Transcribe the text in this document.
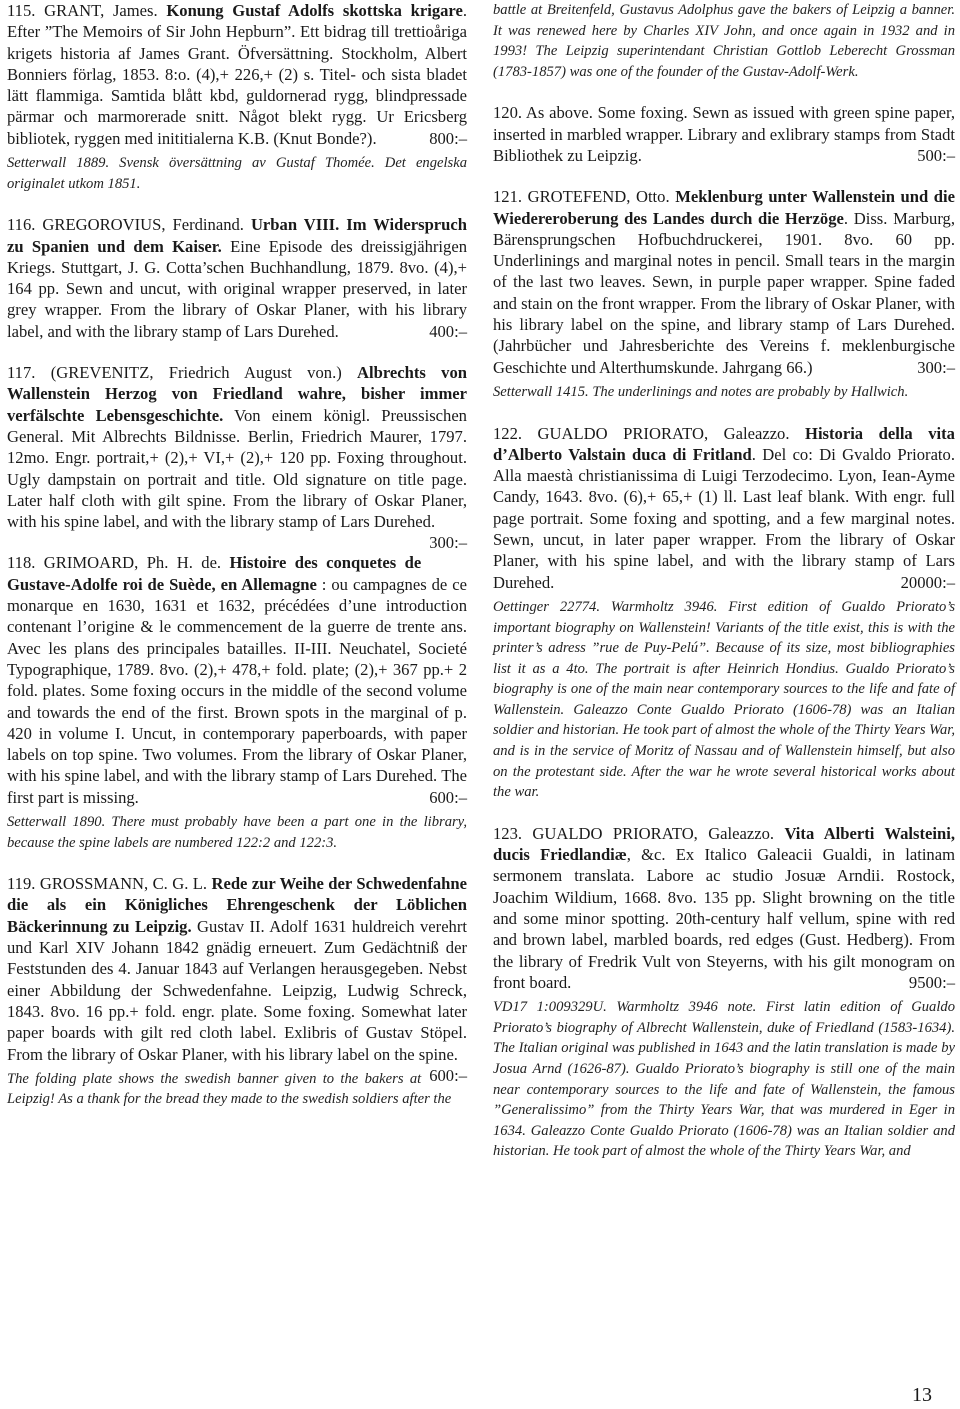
115. GRANT, James. Konung Gustaf Adolfs skottska krigare. Efter ”The Memoirs of Sir John Hepburn”. Ett bidrag till trettioåriga krigets historia af James Grant. Öfversättning. Stockholm, Albert Bonniers förlag, 1853. 8:o. (4),+ 226,+ (2) s. Titel- och sista bladet lätt flammiga. Samtida blått kbd, guldornerad rygg, blindpressade pärmar och marmorerade snitt. Något blekt rygg. Ur Ericsberg bibliotek, ryggen med inititialerna K.B. (Knut Bonde?).	800:–

Setterwall 1889. Svensk översättning av Gustaf Thomée. Det engelska originalet utkom 1851.

116. GREGOROVIUS, Ferdinand. Urban VIII. Im Widerspruch zu Spanien und dem Kaiser. Eine Episode des dreissigjährigen Kriegs. Stuttgart, J. G. Cotta’schen Buchhandlung, 1879. 8vo. (4),+ 164 pp. Sewn and uncut, with original wrapper preserved, in later grey wrapper. From the library of Oskar Planer, with his library label, and with the library stamp of Lars Durehed.	400:–

117. (GREVENITZ, Friedrich August von.) Albrechts von Wallenstein Herzog von Friedland wahre, bisher immer verfälschte Lebensgeschichte. Von einem königl. Preussischen General. Mit Albrechts Bildnisse. Berlin, Friedrich Maurer, 1797. 12mo. Engr. portrait,+ (2),+ VI,+ (2),+ 120 pp. Foxing throughout. Ugly dampstain on portrait and title. Old signature on title page. Later half cloth with gilt spine. From the library of Oskar Planer, with his spine label, and with the library stamp of Lars Durehed.
300:–

118. GRIMOARD, Ph. H. de. Histoire des conquetes de Gustave-Adolfe roi de Suède, en Allemagne : ou campagnes de ce monarque en 1630, 1631 et 1632, précédées d’une introduction contenant l’origine & le commencement de la guerre de trente ans. Avec les plans des principales batailles. II-III. Neuchatel, Societé Typographique, 1789. 8vo. (2),+ 478,+ fold. plate; (2),+ 367 pp.+ 2 fold. plates. Some foxing occurs in the middle of the second volume and towards the end of the first. Brown spots in the marginal of p. 420 in volume I. Uncut, in contemporary paperboards, with paper labels on top spine. Two volumes. From the library of Oskar Planer, with his spine label, and with the library stamp of Lars Durehed. The first part is missing.	600:–

Setterwall 1890. There must probably have been a part one in the library, because the spine labels are numbered 122:2 and 122:3.

119. GROSSMANN, C. G. L. Rede zur Weihe der Schwedenfahne die als ein Königliches Ehrengeschenk der Löblichen Bäckerinnung zu Leipzig. Gustav II. Adolf 1631 huldreich verehrt und Karl XIV Johann 1842 gnädig erneuert. Zum Gedächtniß der Feststunden des 4. Januar 1843 auf Verlangen herausgegeben. Nebst einer Abbildung der Schwedenfahne. Leipzig, Ludwig Schreck, 1843. 8vo. 16 pp.+ fold. engr. plate. Some foxing. Somewhat later paper boards with gilt red cloth label. Exlibris of Gustav Stöpel. From the library of Oskar Planer, with his library label on the spine.
600:–

The folding plate shows the swedish banner given to the bakers at Leipzig! As a thank for the bread they made to the swedish soldiers after the

battle at Breitenfeld, Gustavus Adolphus gave the bakers of Leipzig a banner. It was renewed here by Charles XIV John, and once again in 1932 and in 1993! The Leipzig superintendant Christian Gottlob Leberecht Grossman (1783-1857) was one of the founder of the Gustav-Adolf-Werk.

120. As above. Some foxing. Sewn as issued with green spine paper, inserted in marbled wrapper. Library and exlibrary stamps from Stadt Bibliothek zu Leipzig.	500:–

121. GROTEFEND, Otto. Meklenburg unter Wallenstein und die Wiedereroberung des Landes durch die Herzöge. Diss. Marburg, Bärensprungschen Hofbuchdruckerei, 1901. 8vo. 60 pp. Underlinings and marginal notes in pencil. Small tears in the margin of the last two leaves. Sewn, in purple paper wrapper. Spine faded and stain on the front wrapper. From the library of Oskar Planer, with his library label on the spine, and library stamp of Lars Durehed. (Jahrbücher und Jahresberichte des Vereins f. meklenburgische Geschichte und Alterthumskunde. Jahrgang 66.)	300:–

Setterwall 1415. The underlinings and notes are probably by Hallwich.

122. GUALDO PRIORATO, Galeazzo. Historia della vita d’Alberto Valstain duca di Fritland. Del co: Di Gvaldo Priorato. Alla maestà christianissima di Luigi Terzodecimo. Lyon, Iean-Ayme Candy, 1643. 8vo. (6),+ 65,+ (1) ll. Last leaf blank. With engr. full page portrait. Some foxing and spotting, and a few marginal notes. Sewn, uncut, in later paper wrapper. From the library of Oskar Planer, with his spine label, and with the library stamp of Lars Durehed.	20000:–

Oettinger 22774. Warmholtz 3946. First edition of Gualdo Priorato’s important biography on Wallenstein! Variants of the title exist, this is with the printer’s adress ”rue de Puy-Pelú”. Because of its size, most bibliographies list it as a 4to. The portrait is after Heinrich Hondius. Gualdo Priorato’s biography is one of the main near contemporary sources to the life and fate of Wallenstein. Galeazzo Conte Gualdo Priorato (1606-78) was an Italian soldier and historian. He took part of almost the whole of the Thirty Years War, and is in the service of Moritz of Nassau and of Wallenstein himself, but also on the protestant side. After the war he wrote several historical works about the war.

123. GUALDO PRIORATO, Galeazzo. Vita Alberti Walsteini, ducis Friedlandiæ, &c. Ex Italico Galeacii Gualdi, in latinam sermonem translata. Labore ac studio Josuæ Arndii. Rostock, Joachim Wildium, 1668. 8vo. 135 pp. Slight browning on the title and some minor spotting. 20th-century half vellum, spine with red and brown label, marbled boards, red edges (Gust. Hedberg). From the library of Fredrik Vult von Steyerns, with his gilt monogram on front board.	9500:–

VD17 1:009329U. Warmholtz 3946 note. First latin edition of Gualdo Priorato’s biography of Albrecht Wallenstein, duke of Friedland (1583-1634). The Italian original was published in 1643 and the latin translation is made by Josua Arnd (1626-87). Gualdo Priorato’s biography is still one of the main near contemporary sources to the life and fate of Wallenstein, the famous ”Generalissimo” from the Thirty Years War, that was murdered in Eger in 1634. Galeazzo Conte Gualdo Priorato (1606-78) was an Italian soldier and historian. He took part of almost the whole of the Thirty Years War, and

13
